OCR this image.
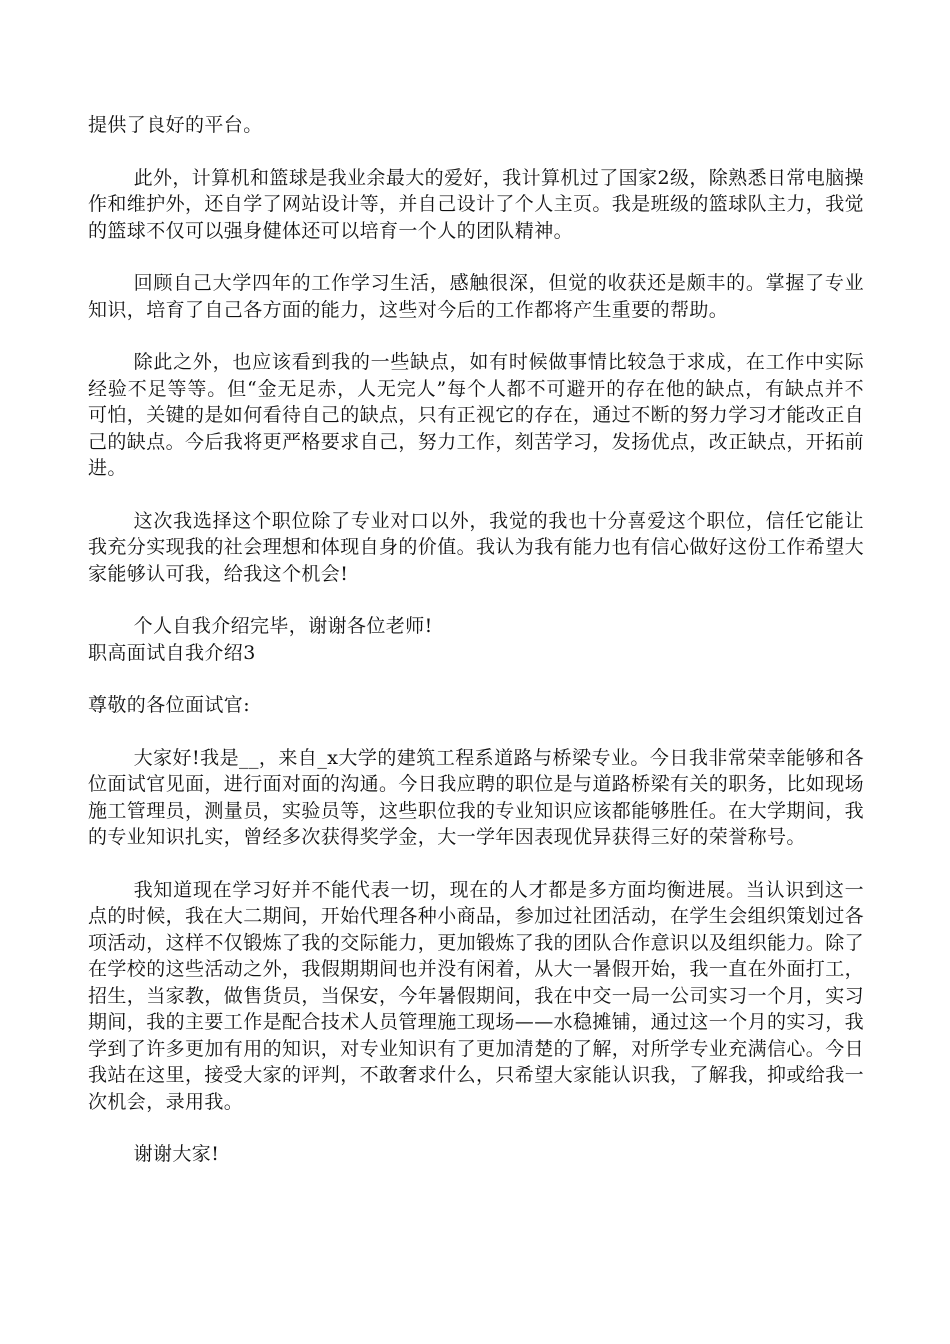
提供了良好的平台。

此外，计算机和篮球是我业余最大的爱好，我计算机过了国家2级，除熟悉日常电脑操作和维护外，还自学了网站设计等，并自己设计了个人主页。我是班级的篮球队主力，我觉的篮球不仅可以强身健体还可以培育一个人的团队精神。

回顾自己大学四年的工作学习生活，感触很深，但觉的收获还是颇丰的。掌握了专业知识，培育了自己各方面的能力，这些对今后的工作都将产生重要的帮助。

除此之外，也应该看到我的一些缺点，如有时候做事情比较急于求成，在工作中实际经验不足等等。但“金无足赤，人无完人”每个人都不可避开的存在他的缺点，有缺点并不可怕，关键的是如何看待自己的缺点，只有正视它的存在，通过不断的努力学习才能改正自己的缺点。今后我将更严格要求自己，努力工作，刻苦学习，发扬优点，改正缺点，开拓前进。

这次我选择这个职位除了专业对口以外，我觉的我也十分喜爱这个职位，信任它能让我充分实现我的社会理想和体现自身的价值。我认为我有能力也有信心做好这份工作希望大家能够认可我，给我这个机会!

个人自我介绍完毕，谢谢各位老师!

职高面试自我介绍3

尊敬的各位面试官:

大家好!我是__，来自_x大学的建筑工程系道路与桥梁专业。今日我非常荣幸能够和各位面试官见面，进行面对面的沟通。今日我应聘的职位是与道路桥梁有关的职务，比如现场施工管理员，测量员，实验员等，这些职位我的专业知识应该都能够胜任。在大学期间，我的专业知识扎实，曾经多次获得奖学金，大一学年因表现优异获得三好的荣誉称号。

我知道现在学习好并不能代表一切，现在的人才都是多方面均衡进展。当认识到这一点的时候，我在大二期间，开始代理各种小商品，参加过社团活动，在学生会组织策划过各项活动，这样不仅锻炼了我的交际能力，更加锻炼了我的团队合作意识以及组织能力。除了在学校的这些活动之外，我假期期间也并没有闲着，从大一暑假开始，我一直在外面打工，招生，当家教，做售货员，当保安，今年暑假期间，我在中交一局一公司实习一个月，实习期间，我的主要工作是配合技术人员管理施工现场——水稳摊铺，通过这一个月的实习，我学到了许多更加有用的知识，对专业知识有了更加清楚的了解，对所学专业充满信心。今日我站在这里，接受大家的评判，不敢奢求什么，只希望大家能认识我，了解我，抑或给我一次机会，录用我。

谢谢大家!
